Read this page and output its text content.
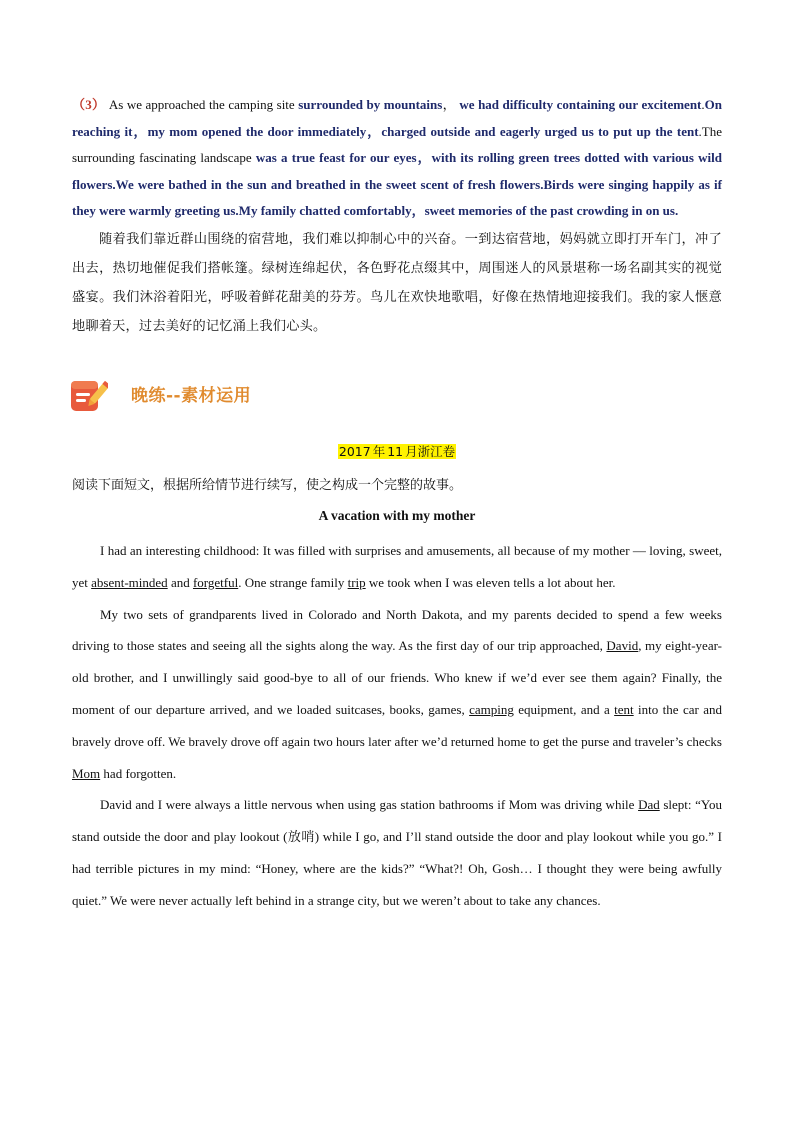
（3） As we approached the camping site surrounded by mountains， we had difficulty containing our excitement.On reaching it，my mom opened the door immediately，charged outside and eagerly urged us to put up the tent.The surrounding fascinating landscape was a true feast for our eyes，with its rolling green trees dotted with various wild flowers.We were bathed in the sun and breathed in the sweet scent of fresh flowers.Birds were singing happily as if they were warmly greeting us.My family chatted comfortably，sweet memories of the past crowding in on us.

随着我们靠近群山围绕的宿营地，我们难以抑制心中的兴奋。一到达宿营地，妈妈就立即打开车门，冲了出去，热切地催促我们搭帐篷。绿树连绵起伏，各色野花点缀其中，周围迷人的风景堪称一场名副其实的视觉盛宴。我们沐浴着阳光，呼吸着鲜花甜美的芬芳。鸟儿在欢快地歌唱，好像在热情地迎接我们。我的家人惬意地聊着天，过去美好的记忆涌上我们心头。

晚练--素材运用
2017 年 11 月浙江卷
阅读下面短文，根据所给情节进行续写，使之构成一个完整的故事。
A vacation with my mother

I had an interesting childhood: It was filled with surprises and amusements, all because of my mother — loving, sweet, yet absent-minded and forgetful. One strange family trip we took when I was eleven tells a lot about her.

My two sets of grandparents lived in Colorado and North Dakota, and my parents decided to spend a few weeks driving to those states and seeing all the sights along the way. As the first day of our trip approached, David, my eight-year-old brother, and I unwillingly said good-bye to all of our friends. Who knew if we’d ever see them again? Finally, the moment of our departure arrived, and we loaded suitcases, books, games, camping equipment, and a tent into the car and bravely drove off. We bravely drove off again two hours later after we’d returned home to get the purse and traveler’s checks Mom had forgotten.

David and I were always a little nervous when using gas station bathrooms if Mom was driving while Dad slept: “You stand outside the door and play lookout (放哨) while I go, and I’ll stand outside the door and play lookout while you go.” I had terrible pictures in my mind: “Honey, where are the kids?” “What?! Oh, Gosh… I thought they were being awfully quiet.” We were never actually left behind in a strange city, but we weren’t about to take any chances.
